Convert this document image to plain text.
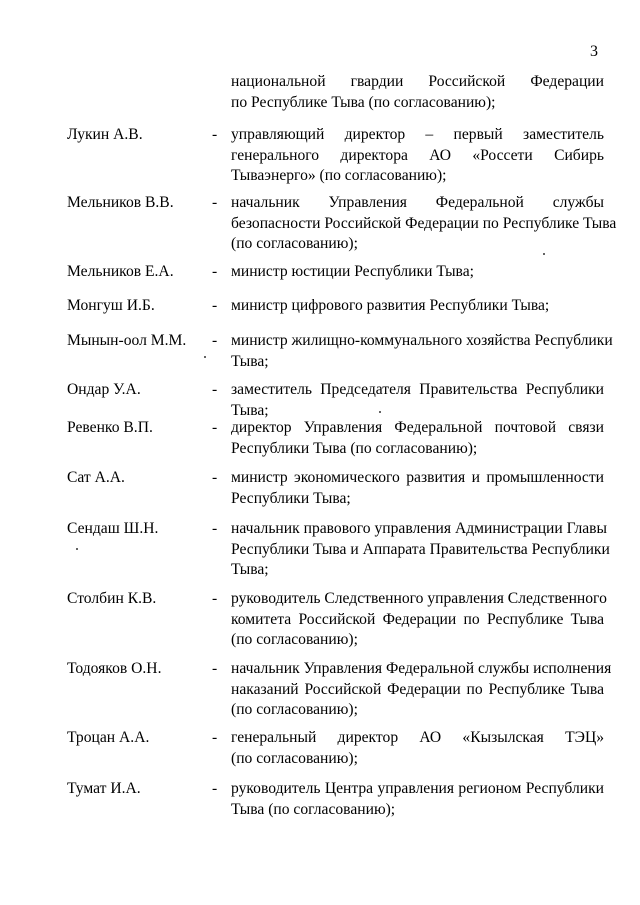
3
национальной гвардии Российской Федерации
по Республике Тыва (по согласованию);
Лукин А.В.	- управляющий директор – первый заместитель
генерального директора АО «Россети Сибирь
Тываэнерго» (по согласованию);
Мельников В.В. - начальник Управления Федеральной службы
безопасности Российской Федерации по Республике Тыва
(по согласованию);
Мельников Е.А. - министр юстиции Республики Тыва;
Монгуш И.Б.	- министр цифрового развития Республики Тыва;
Мынын-оол М.М. - министр жилищно-коммунального хозяйства Республики
Тыва;
Ондар У.А.	- заместитель Председателя Правительства Республики
Тыва;
Ревенко В.П.	- директор Управления Федеральной почтовой связи
Республики Тыва (по согласованию);
Сат А.А.	- министр экономического развития и промышленности
Республики Тыва;
Сендаш Ш.Н.	- начальник правового управления Администрации Главы
Республики Тыва и Аппарата Правительства Республики
Тыва;
Столбин К.В.	- руководитель Следственного управления Следственного
комитета Российской Федерации по Республике Тыва
(по согласованию);
Тодояков О.Н.	- начальник Управления Федеральной службы исполнения
наказаний Российской Федерации по Республике Тыва
(по согласованию);
Троцан А.А.	- генеральный директор АО «Кызылская ТЭЦ»
(по согласованию);
Тумат И.А.	- руководитель Центра управления регионом Республики
Тыва (по согласованию);
